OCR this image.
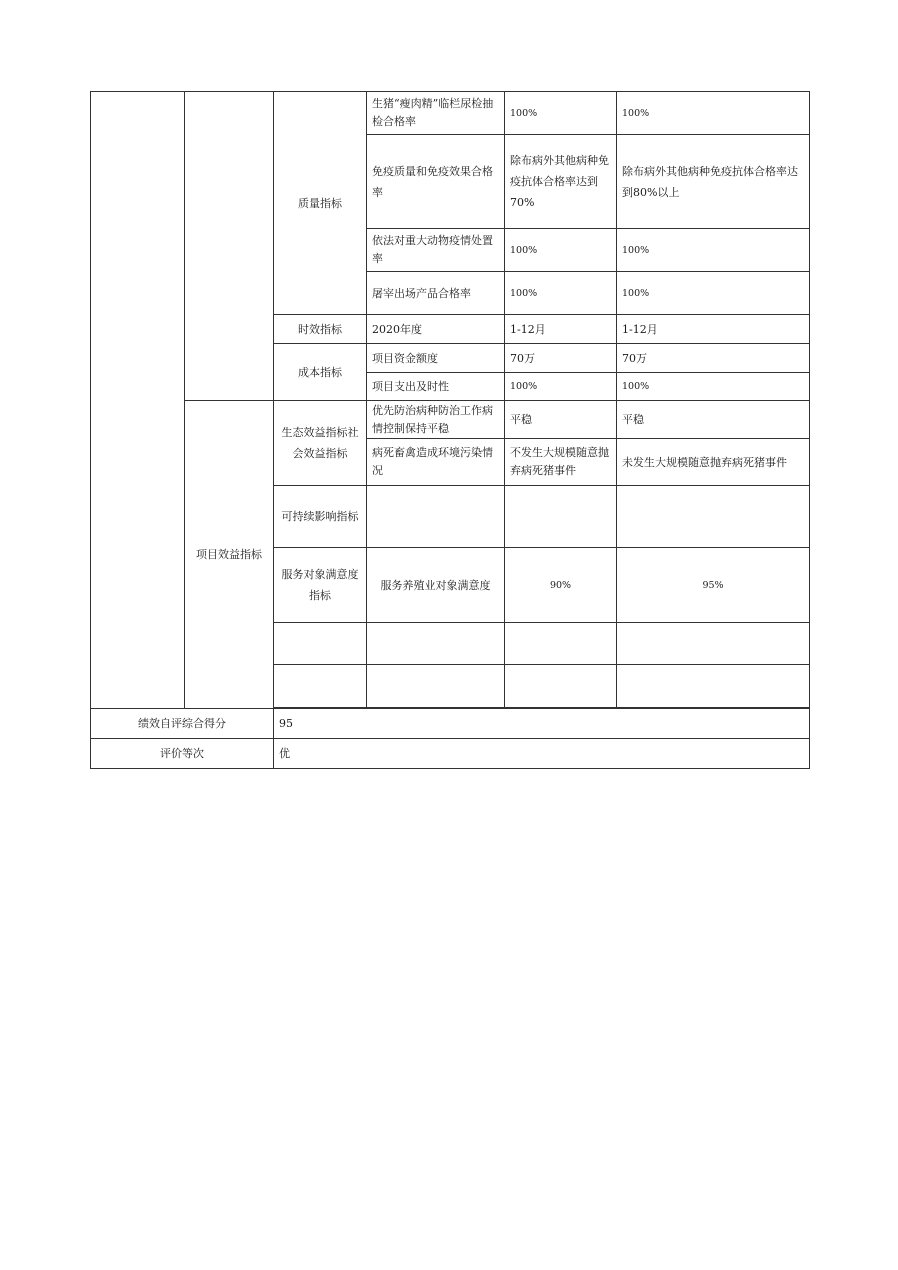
		质量指标	生猪“瘦肉精”临栏尿检抽检合格率	100%	100%	
			免疫质量和免疫效果合格率	除布病外其他病种免疫抗体合格率达到70%	除布病外其他病种免疫抗体合格率达到80%以上	
			依法对重大动物疫情处置率	100%	100%	
			屠宰出场产品合格率	100%	100%	
		时效指标	2020年度	1-12月	1-12月	
		成本指标	项目资金额度	70万	70万	
			项目支出及时性	100%	100%	
	项目效益指标	生态效益指标社会效益指标	优先防治病种防治工作病情控制保持平稳	平稳	平稳	
			病死畜禽造成环境污染情况	不发生大规模随意抛弃病死猪事件	未发生大规模随意抛弃病死猪事件	
		可持续影响指标				
		服务对象满意度指标	服务养殖业对象满意度	90%	95%	

绩效自评综合得分		95				
评价等次		优				
